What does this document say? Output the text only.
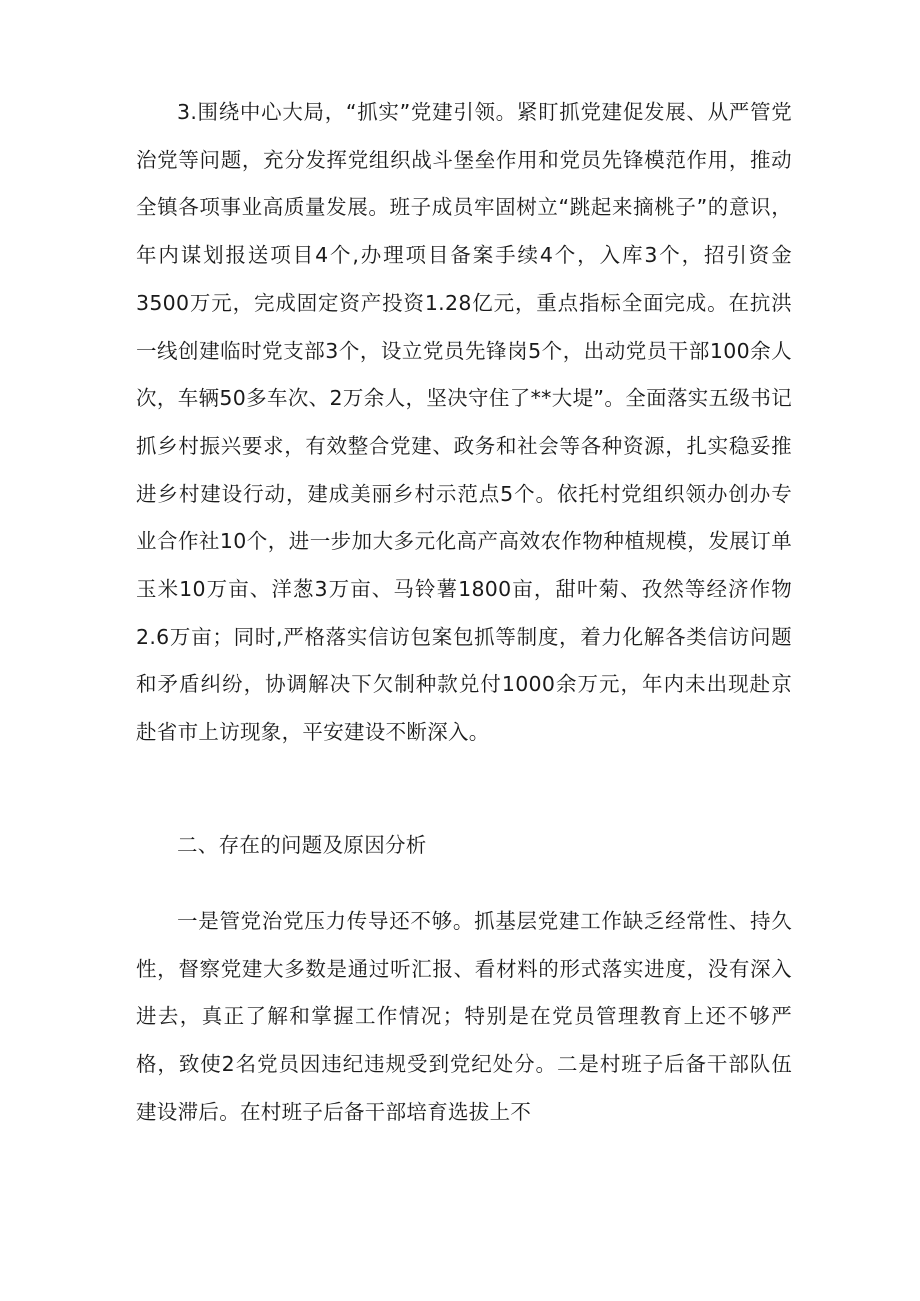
3.围绕中心大局，“抓实”党建引领。紧盯抓党建促发展、从严管党治党等问题，充分发挥党组织战斗堡垒作用和党员先锋模范作用，推动全镇各项事业高质量发展。班子成员牢固树立“跳起来摘桃子”的意识，年内谋划报送项目4个,办理项目备案手续4个，入库3个，招引资金3500万元，完成固定资产投资1.28亿元，重点指标全面完成。在抗洪一线创建临时党支部3个，设立党员先锋岗5个，出动党员干部100余人次，车辆50多车次、2万余人，坚决守住了**大堤”。全面落实五级书记抓乡村振兴要求，有效整合党建、政务和社会等各种资源，扎实稳妥推进乡村建设行动，建成美丽乡村示范点5个。依托村党组织领办创办专业合作社10个，进一步加大多元化高产高效农作物种植规模，发展订单玉米10万亩、洋葱3万亩、马铃薯1800亩，甜叶菊、孜然等经济作物2.6万亩；同时,严格落实信访包案包抓等制度，着力化解各类信访问题和矛盾纠纷，协调解决下欠制种款兑付1000余万元，年内未出现赴京赴省市上访现象，平安建设不断深入。

二、存在的问题及原因分析

一是管党治党压力传导还不够。抓基层党建工作缺乏经常性、持久性，督察党建大多数是通过听汇报、看材料的形式落实进度，没有深入进去，真正了解和掌握工作情况；特别是在党员管理教育上还不够严格，致使2名党员因违纪违规受到党纪处分。二是村班子后备干部队伍建设滞后。在村班子后备干部培育选拔上不
